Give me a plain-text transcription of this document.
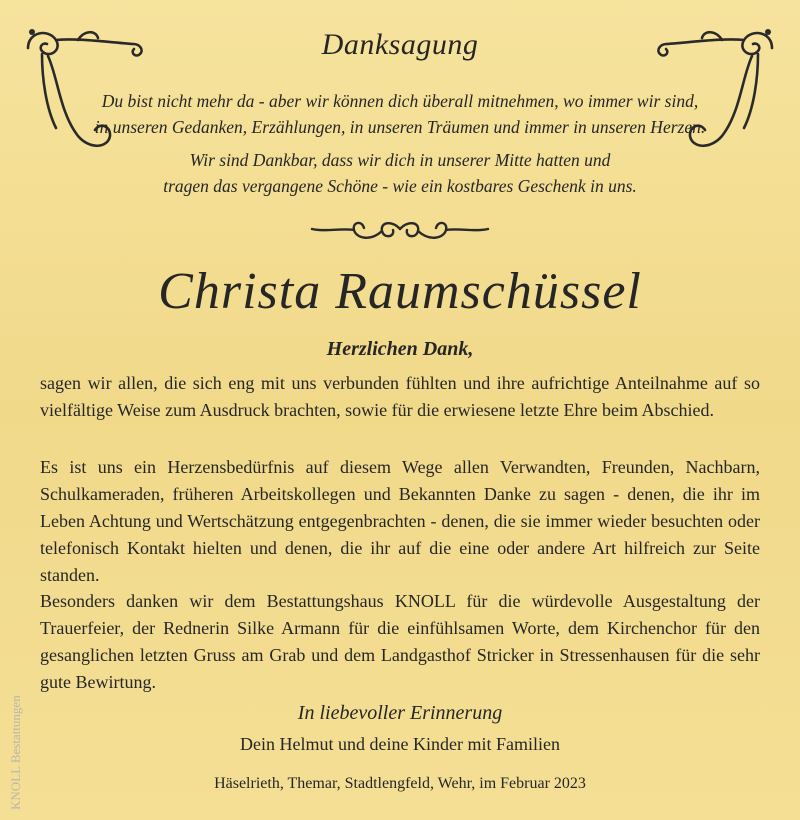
Danksagung
Du bist nicht mehr da - aber wir können dich überall mitnehmen, wo immer wir sind,
in unseren Gedanken, Erzählungen, in unseren Träumen und immer in unseren Herzen.
Wir sind Dankbar, dass wir dich in unserer Mitte hatten und
tragen das vergangene Schöne - wie ein kostbares Geschenk in uns.
Christa Raumschüssel
Herzlichen Dank,
sagen wir allen, die sich eng mit uns verbunden fühlten und ihre aufrichtige Anteilnahme auf so vielfältige Weise zum Ausdruck brachten, sowie für die erwiesene letzte Ehre beim Abschied.
Es ist uns ein Herzensbedürfnis auf diesem Wege allen Verwandten, Freunden, Nachbarn, Schulkameraden, früheren Arbeitskollegen und Bekannten Danke zu sagen - denen, die ihr im Leben Achtung und Wertschätzung entgegenbrachten - denen, die sie immer wieder besuchten oder telefonisch Kontakt hielten und denen, die ihr auf die eine oder andere Art hilfreich zur Seite standen.
Besonders danken wir dem Bestattungshaus KNOLL für die würdevolle Ausgestaltung der Trauerfeier, der Rednerin Silke Armann für die einfühlsamen Worte, dem Kirchenchor für den gesanglichen letzten Gruss am Grab und dem Landgasthof Stricker in Stressenhausen für die sehr gute Bewirtung.
In liebevoller Erinnerung
Dein Helmut und deine Kinder mit Familien
Häselrieth, Themar, Stadtlengfeld, Wehr, im Februar 2023
KNOLL Bestattungen
